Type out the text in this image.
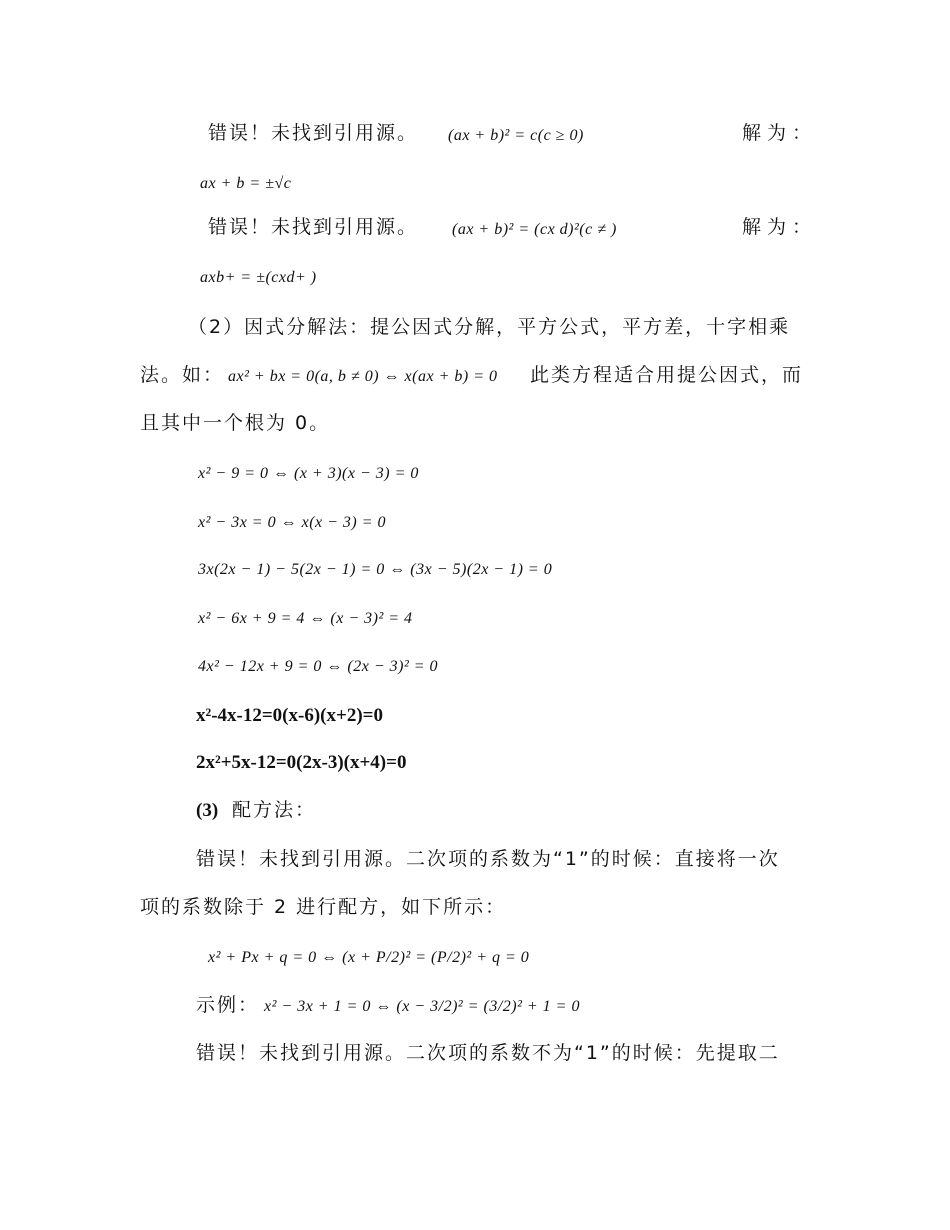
错误！未找到引用源。 (ax + b)² = c(c ≥ 0)	解为：
ax + b = ±√c
错误！未找到引用源。 (ax + b)² = (cx d)²(c ≠ )	解为：
axb+ = ±(cxd+ )
（2）因式分解法：提公因式分解，平方公式，平方差，十字相乘
法。如： ax² + bx = 0(a, b ≠ 0) ⇔ x(ax + b) = 0 此类方程适合用提公因式，而
且其中一个根为 0。
x² − 9 = 0 ⇔ (x + 3)(x − 3) = 0
x² − 3x = 0 ⇔ x(x − 3) = 0
3x(2x − 1) − 5(2x − 1) = 0 ⇔ (3x − 5)(2x − 1) = 0
x² − 6x + 9 = 4 ⇔ (x − 3)² = 4
4x² − 12x + 9 = 0 ⇔ (2x − 3)² = 0
x²-4x-12=0(x-6)(x+2)=0
2x²+5x-12=0(2x-3)(x+4)=0
(3) 配方法：
错误！未找到引用源。二次项的系数为“1”的时候：直接将一次
项的系数除于 2 进行配方，如下所示：
x² + Px + q = 0 ⇔ (x + P/2)² = (P/2)² + q = 0
示例： x² − 3x + 1 = 0 ⇔ (x − 3/2)² = (3/2)² + 1 = 0
错误！未找到引用源。二次项的系数不为“1”的时候：先提取二
